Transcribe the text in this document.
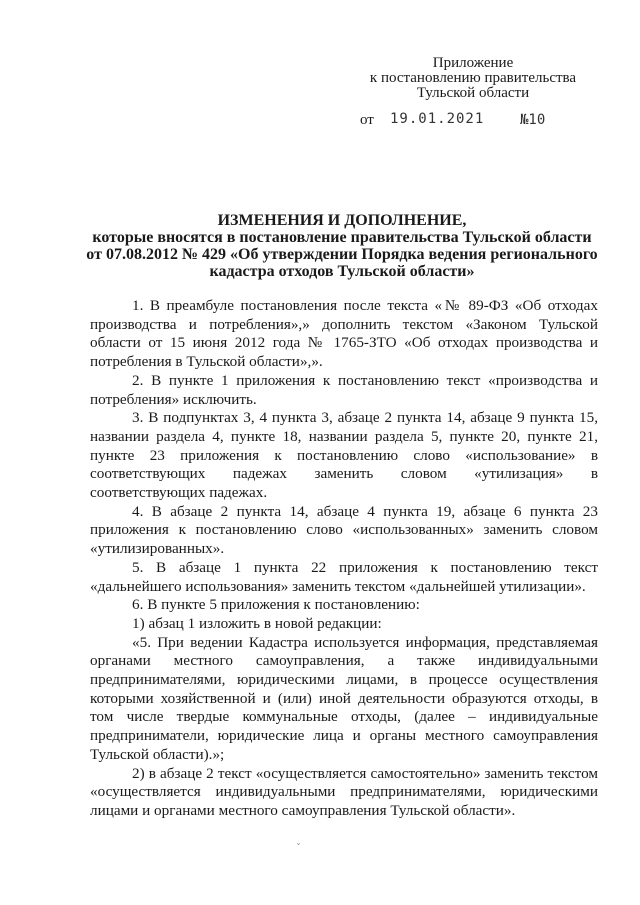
Приложение
к постановлению правительства
Тульской области
от 19.01.2021	№10
ИЗМЕНЕНИЯ И ДОПОЛНЕНИЕ,
которые вносятся в постановление правительства Тульской области
от 07.08.2012 № 429 «Об утверждении Порядка ведения регионального
кадастра отходов Тульской области»

1. В преамбуле постановления после текста «№ 89-ФЗ «Об отходах производства и потребления»,» дополнить текстом «Законом Тульской области от 15 июня 2012 года № 1765-ЗТО «Об отходах производства и потребления в Тульской области»,».

2. В пункте 1 приложения к постановлению текст «производства и потребления» исключить.

3. В подпунктах 3, 4 пункта 3, абзаце 2 пункта 14, абзаце 9 пункта 15, названии раздела 4, пункте 18, названии раздела 5, пункте 20, пункте 21, пункте 23 приложения к постановлению слово «использование» в соответствующих падежах заменить словом «утилизация» в соответствующих падежах.

4. В абзаце 2 пункта 14, абзаце 4 пункта 19, абзаце 6 пункта 23 приложения к постановлению слово «использованных» заменить словом «утилизированных».

5. В абзаце 1 пункта 22 приложения к постановлению текст «дальнейшего использования» заменить текстом «дальнейшей утилизации».

6. В пункте 5 приложения к постановлению:

1) абзац 1 изложить в новой редакции:

«5. При ведении Кадастра используется информация, представляемая органами местного самоуправления, а также индивидуальными предпринимателями, юридическими лицами, в процессе осуществления которыми хозяйственной и (или) иной деятельности образуются отходы, в том числе твердые коммунальные отходы, (далее – индивидуальные предприниматели, юридические лица и органы местного самоуправления Тульской области).»;

2) в абзаце 2 текст «осуществляется самостоятельно» заменить текстом «осуществляется индивидуальными предпринимателями, юридическими лицами и органами местного самоуправления Тульской области».

ˇ
